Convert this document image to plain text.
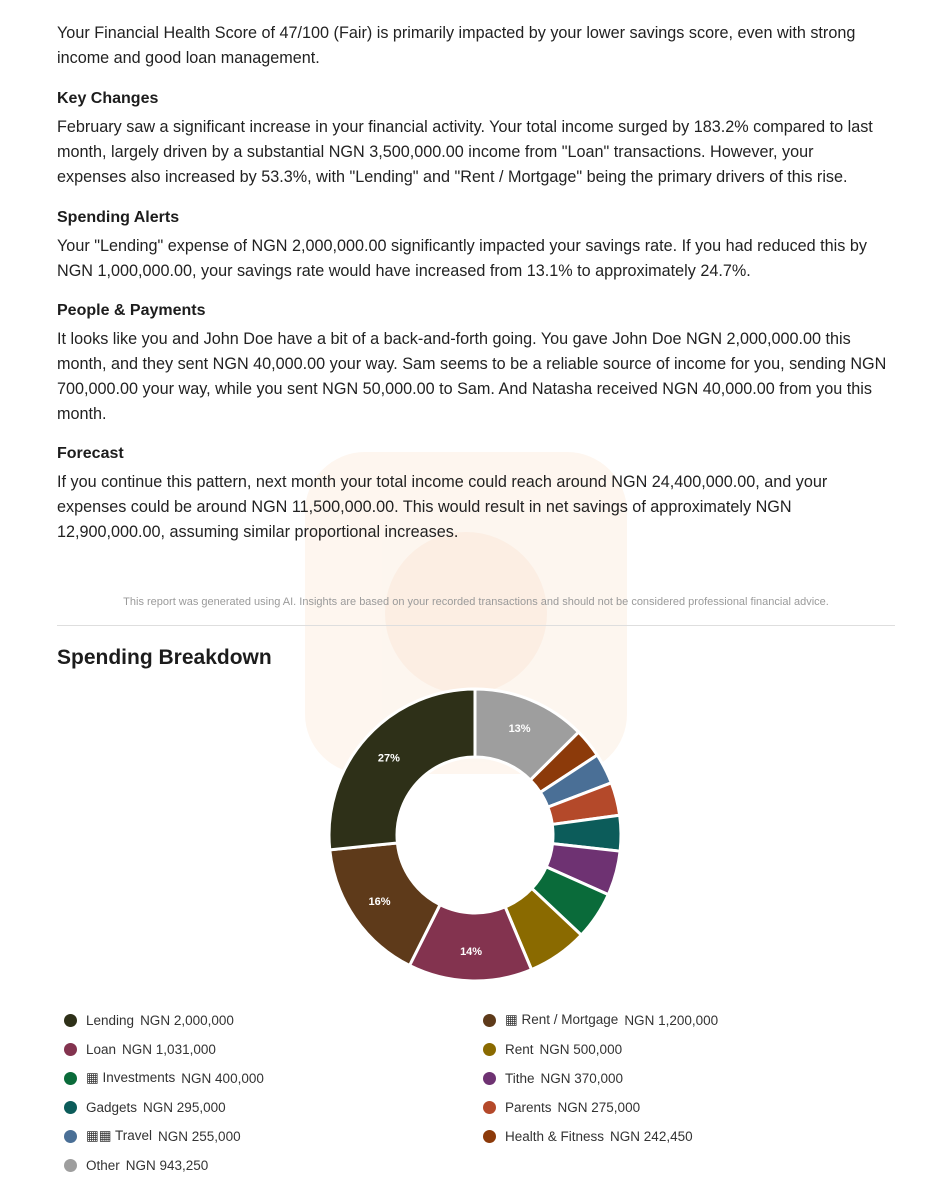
Your Financial Health Score of 47/100 (Fair) is primarily impacted by your lower savings score, even with strong income and good loan management.

Key Changes

February saw a significant increase in your financial activity. Your total income surged by 183.2% compared to last month, largely driven by a substantial NGN 3,500,000.00 income from "Loan" transactions. However, your expenses also increased by 53.3%, with "Lending" and "Rent / Mortgage" being the primary drivers of this rise.

Spending Alerts

Your "Lending" expense of NGN 2,000,000.00 significantly impacted your savings rate. If you had reduced this by NGN 1,000,000.00, your savings rate would have increased from 13.1% to approximately 24.7%.

People & Payments

It looks like you and John Doe have a bit of a back-and-forth going. You gave John Doe NGN 2,000,000.00 this month, and they sent NGN 40,000.00 your way. Sam seems to be a reliable source of income for you, sending NGN 700,000.00 your way, while you sent NGN 50,000.00 to Sam. And Natasha received NGN 40,000.00 from you this month.

Forecast

If you continue this pattern, next month your total income could reach around NGN 24,400,000.00, and your expenses could be around NGN 11,500,000.00. This would result in net savings of approximately NGN 12,900,000.00, assuming similar proportional increases.

This report was generated using AI. Insights are based on your recorded transactions and should not be considered professional financial advice.
Spending Breakdown
13%
14%
16%
27%
Lending NGN 2,000,000	▦ Rent / Mortgage NGN 1,200,000
Loan NGN 1,031,000	Rent NGN 500,000
▦ Investments NGN 400,000	Tithe NGN 370,000
Gadgets NGN 295,000	Parents NGN 275,000
▦▦ Travel NGN 255,000	Health & Fitness NGN 242,450
Other NGN 943,250
